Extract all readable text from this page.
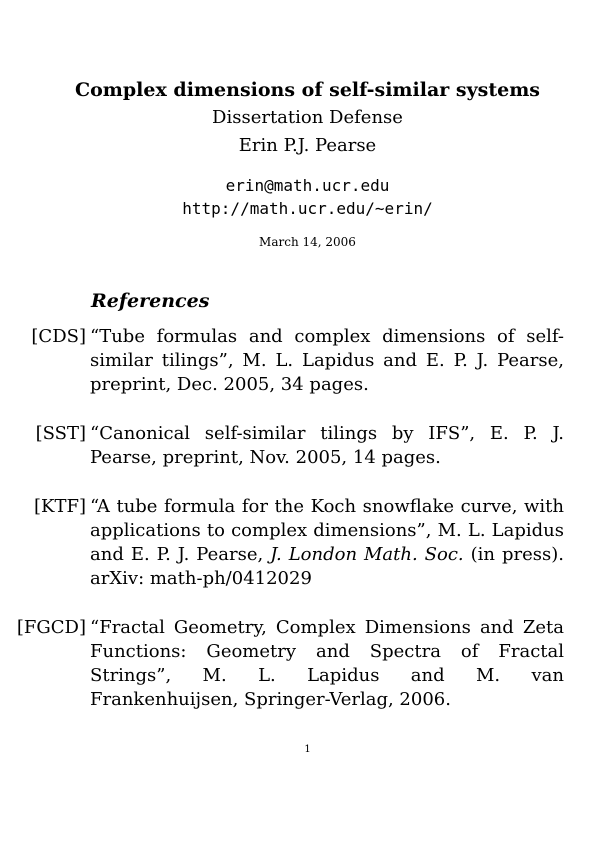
Complex dimensions of self-similar systems
Dissertation Defense
Erin P.J. Pearse
erin@math.ucr.edu
http://math.ucr.edu/∼erin/
March 14, 2006
References
[CDS] “Tube formulas and complex dimensions of self-similar tilings”, M. L. Lapidus and E. P. J. Pearse, preprint, Dec. 2005, 34 pages.
[SST] “Canonical self-similar tilings by IFS”, E. P. J. Pearse, preprint, Nov. 2005, 14 pages.
[KTF] “A tube formula for the Koch snowflake curve, with applications to complex dimensions”, M. L. Lapidus and E. P. J. Pearse, J. London Math. Soc. (in press). arXiv: math-ph/0412029
[FGCD] “Fractal Geometry, Complex Dimensions and Zeta Functions: Geometry and Spectra of Fractal Strings”, M. L. Lapidus and M. van Frankenhuijsen, Springer-Verlag, 2006.
1
